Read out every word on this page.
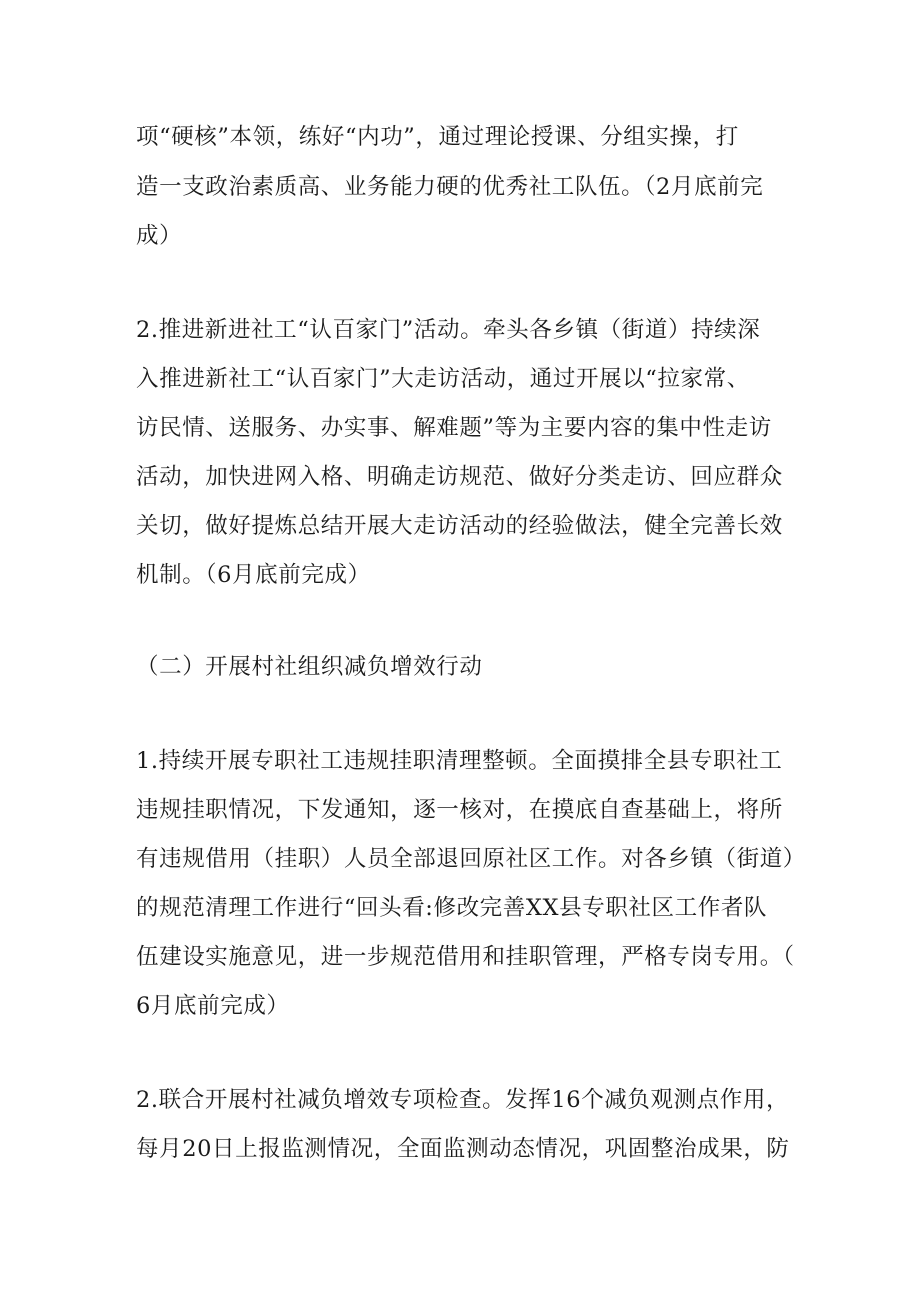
项“硬核”本领，练好“内功”，通过理论授课、分组实操，打
造一支政治素质高、业务能力硬的优秀社工队伍。（2月底前完
成）
2.推进新进社工“认百家门”活动。牵头各乡镇（街道）持续深
入推进新社工“认百家门”大走访活动，通过开展以“拉家常、
访民情、送服务、办实事、解难题”等为主要内容的集中性走访
活动，加快进网入格、明确走访规范、做好分类走访、回应群众
关切，做好提炼总结开展大走访活动的经验做法，健全完善长效
机制。（6月底前完成）
（二）开展村社组织减负增效行动
1.持续开展专职社工违规挂职清理整顿。全面摸排全县专职社工
违规挂职情况，下发通知，逐一核对，在摸底自查基础上，将所
有违规借用（挂职）人员全部退回原社区工作。对各乡镇（街道）
的规范清理工作进行“回头看:修改完善XX县专职社区工作者队
伍建设实施意见，进一步规范借用和挂职管理，严格专岗专用。（
6月底前完成）
2.联合开展村社减负增效专项检查。发挥16个减负观测点作用，
每月20日上报监测情况，全面监测动态情况，巩固整治成果，防
